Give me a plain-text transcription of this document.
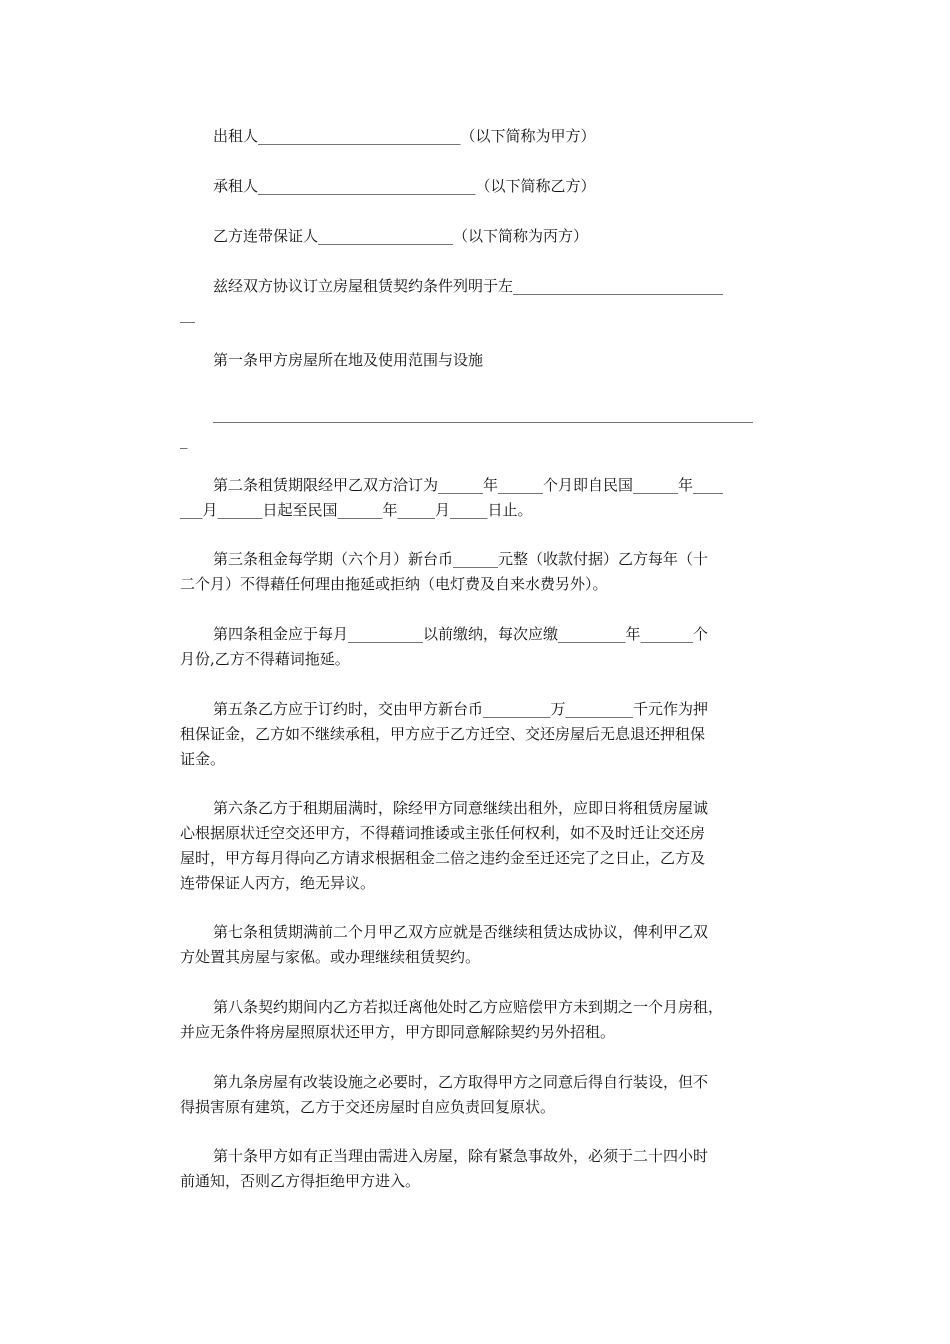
出租人___________________________（以下简称为甲方）

承租人_____________________________（以下简称乙方）

乙方连带保证人__________________（以下简称为丙方）

兹经双方协议订立房屋租赁契约条件列明于左____________________________

__

第一条甲方房屋所在地及使用范围与设施

________________________________________________________________________

_

第二条租赁期限经甲乙双方洽订为______年______个月即自民国______年____

___月______日起至民国______年_____月_____日止。

第三条租金每学期（六个月）新台币______元整（收款付据）乙方每年（十

二个月）不得藉任何理由拖延或拒纳（电灯费及自来水费另外）。

第四条租金应于每月__________以前缴纳，每次应缴_________年_______个

月份,乙方不得藉词拖延。

第五条乙方应于订约时，交由甲方新台币_________万_________千元作为押

租保证金，乙方如不继续承租，甲方应于乙方迁空、交还房屋后无息退还押租保

证金。

第六条乙方于租期届满时，除经甲方同意继续出租外，应即日将租赁房屋诚

心根据原状迁空交还甲方，不得藉词推诿或主张任何权利，如不及时迁让交还房

屋时，甲方每月得向乙方请求根据租金二倍之违约金至迁还完了之日止，乙方及

连带保证人丙方，绝无异议。

第七条租赁期满前二个月甲乙双方应就是否继续租赁达成协议，俾利甲乙双

方处置其房屋与家俬。或办理继续租赁契约。

第八条契约期间内乙方若拟迁离他处时乙方应赔偿甲方未到期之一个月房租，

并应无条件将房屋照原状还甲方，甲方即同意解除契约另外招租。

第九条房屋有改装设施之必要时，乙方取得甲方之同意后得自行装设，但不

得损害原有建筑，乙方于交还房屋时自应负责回复原状。

第十条甲方如有正当理由需进入房屋，除有紧急事故外，必须于二十四小时

前通知，否则乙方得拒绝甲方进入。
